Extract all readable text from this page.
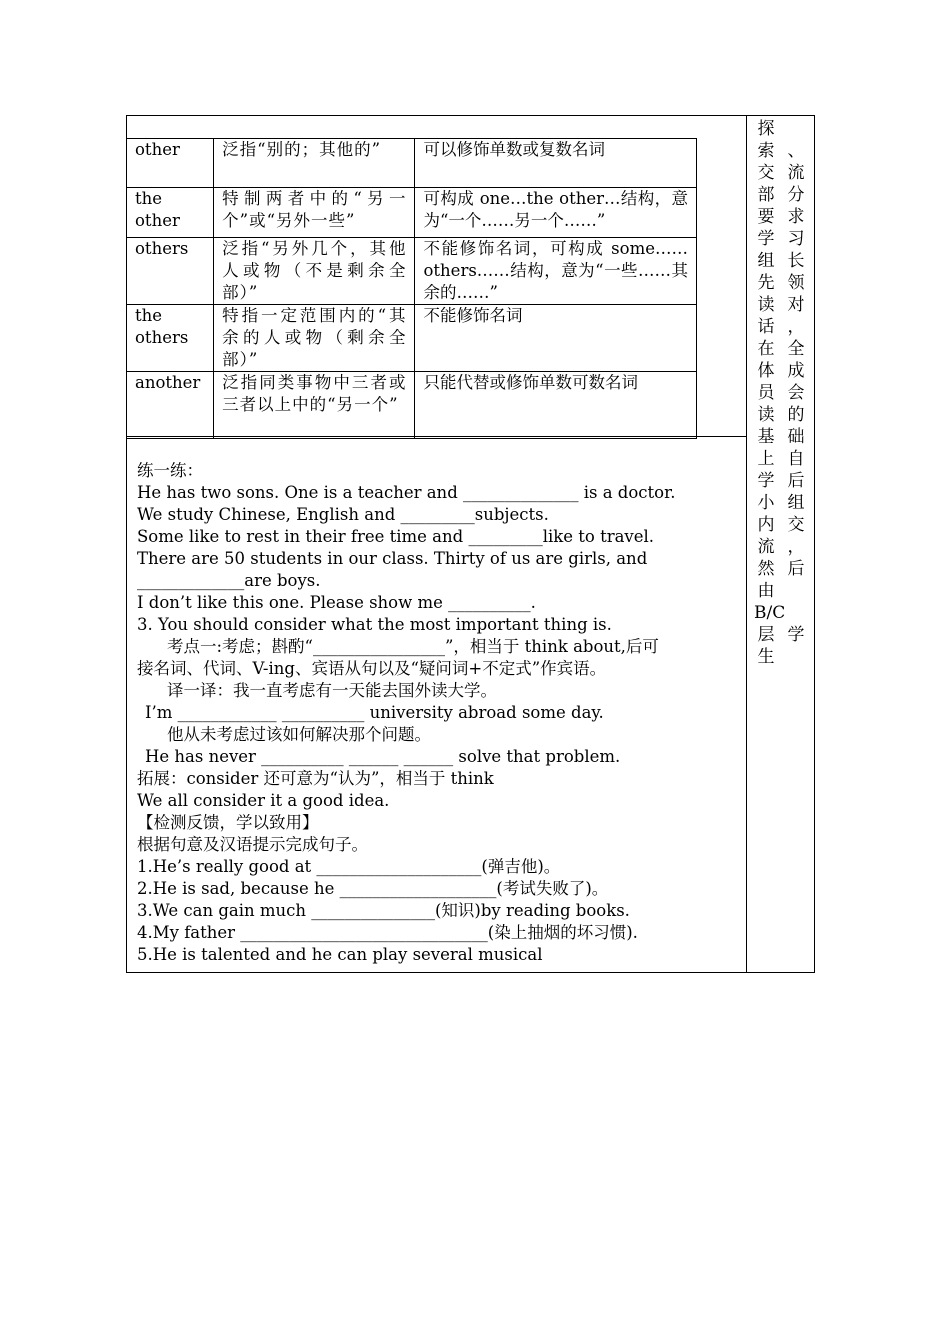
other	泛指“别的；其他的”	可以修饰单数或复数名词
the other	特制两者中的“另一个”或“另外一些”	可构成 one…the other…结构，意为“一个……另一个……”
others	泛指“另外几个，其他人或物（不是剩余全部）”	不能修饰名词，可构成 some……others……结构，意为“一些……其余的……”
the others	特指一定范围内的“其余的人或物（剩余全部）”	不能修饰名词
another	泛指同类事物中三者或三者以上中的“另一个”	只能代替或修饰单数可数名词
练一练：
He has two sons. One is a teacher and ______________ is a doctor.
We study Chinese, English and _________subjects.
Some like to rest in their free time and _________like to travel.
There are 50 students in our class. Thirty of us are girls, and
_____________are boys.
I don’t like this one. Please show me __________.
3. You should consider what the most important thing is.
考点一:考虑；斟酌“________________”，相当于 think about,后可
接名词、代词、V-ing、宾语从句以及“疑问词+不定式”作宾语。
译一译：我一直考虑有一天能去国外读大学。
I’m ____________ __________ university abroad some day.
他从未考虑过该如何解决那个问题。
He has never __________ ______ ______ solve that problem.
拓展：consider 还可意为“认为”，相当于 think
We all consider it a good idea.
【检测反馈，学以致用】
根据句意及汉语提示完成句子。
1.He’s really good at ____________________(弹吉他)。
2.He is sad, because he ___________________(考试失败了)。
3.We can gain much _______________(知识)by reading books.
4.My father ______________________________(染上抽烟的坏习惯).
5.He is talented and he can play several musical
探
索
交
部
要
学
组
先
读
话
在
体
员
读
基
上
学
小
内
流
然
由
B/C
层
生
、
流
分
求
习
长
领
对
，
全
成
会
的
础
自
后
组
交
，
后
学
